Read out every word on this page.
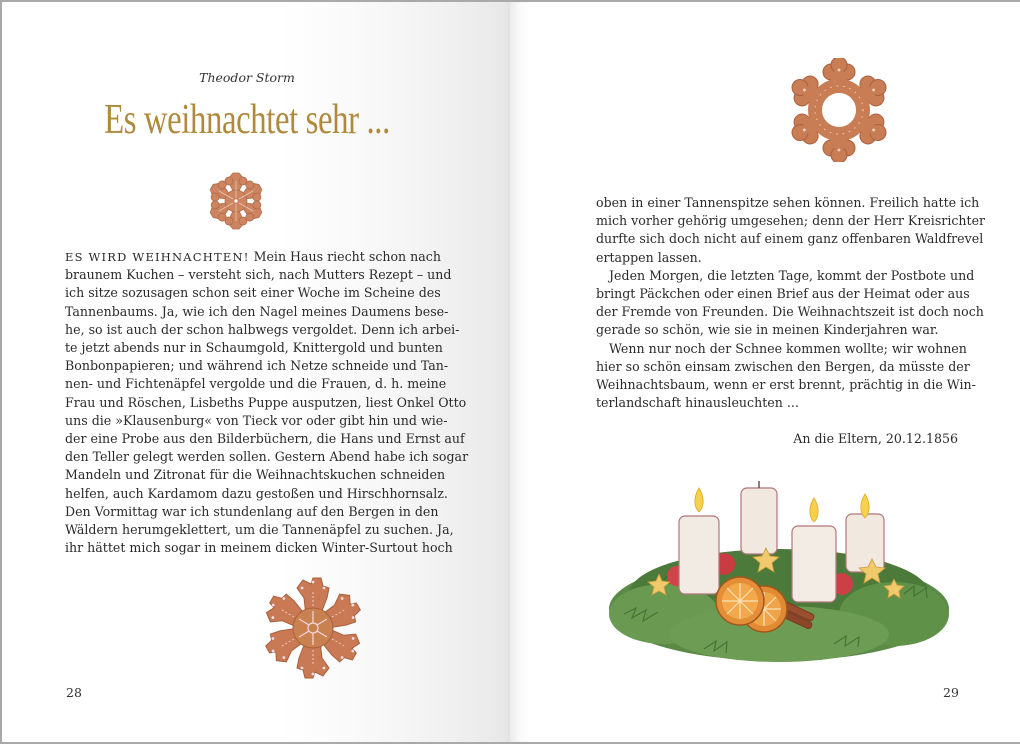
Theodor Storm
Es weihnachtet sehr ...
ES WIRD WEIHNACHTEN! Mein Haus riecht schon nach
braunem Kuchen – versteht sich, nach Mutters Rezept – und
ich sitze sozusagen schon seit einer Woche im Scheine des
Tannenbaums. Ja, wie ich den Nagel meines Daumens bese-
he, so ist auch der schon halbwegs vergoldet. Denn ich arbei-
te jetzt abends nur in Schaumgold, Knittergold und bunten
Bonbonpapieren; und während ich Netze schneide und Tan-
nen- und Fichtenäpfel vergolde und die Frauen, d. h. meine
Frau und Röschen, Lisbeths Puppe ausputzen, liest Onkel Otto
uns die »Klausenburg« von Tieck vor oder gibt hin und wie-
der eine Probe aus den Bilderbüchern, die Hans und Ernst auf
den Teller gelegt werden sollen. Gestern Abend habe ich sogar
Mandeln und Zitronat für die Weihnachtskuchen schneiden
helfen, auch Kardamom dazu gestoßen und Hirschhornsalz.
Den Vormittag war ich stundenlang auf den Bergen in den
Wäldern herumgeklettert, um die Tannenäpfel zu suchen. Ja,
ihr hättet mich sogar in meinem dicken Winter-Surtout hoch
28
oben in einer Tannenspitze sehen können. Freilich hatte ich
mich vorher gehörig umgesehen; denn der Herr Kreisrichter
durfte sich doch nicht auf einem ganz offenbaren Waldfrevel
ertappen lassen.
Jeden Morgen, die letzten Tage, kommt der Postbote und
bringt Päckchen oder einen Brief aus der Heimat oder aus
der Fremde von Freunden. Die Weihnachtszeit ist doch noch
gerade so schön, wie sie in meinen Kinderjahren war.
Wenn nur noch der Schnee kommen wollte; wir wohnen
hier so schön einsam zwischen den Bergen, da müsste der
Weihnachtsbaum, wenn er erst brennt, prächtig in die Win-
terlandschaft hinausleuchten ...
An die Eltern, 20.12.1856
29
